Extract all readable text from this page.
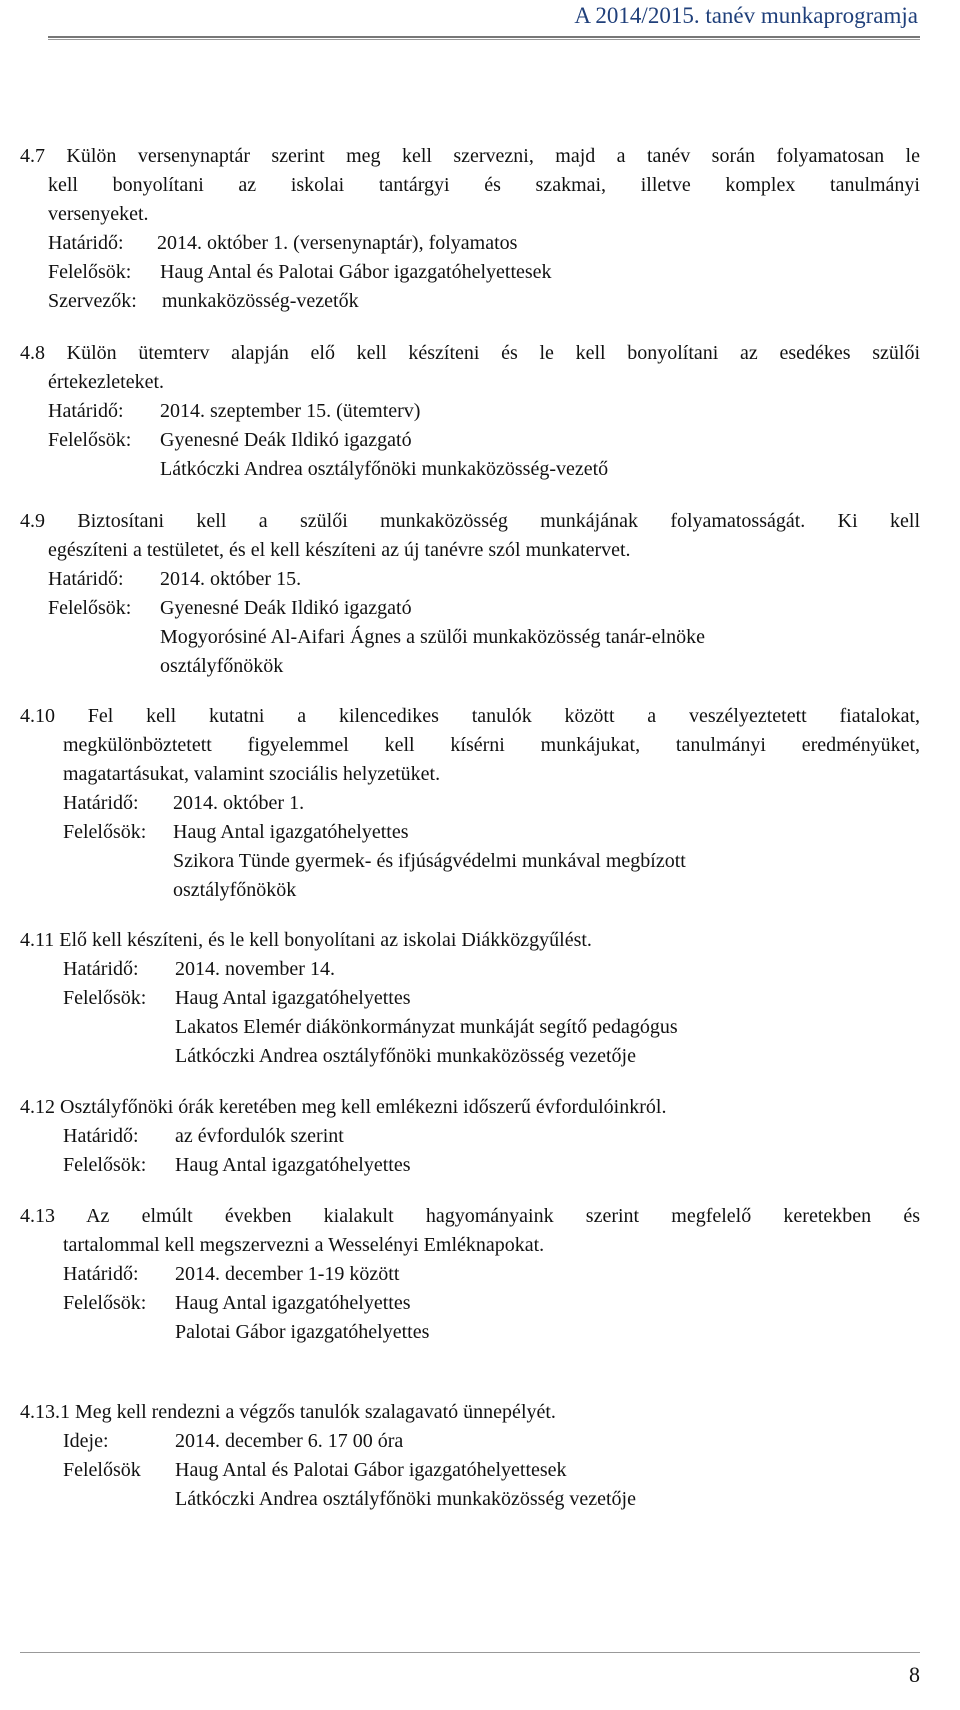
A 2014/2015. tanév munkaprogramja
4.7 Külön versenynaptár szerint meg kell szervezni, majd a tanév során folyamatosan le
kell bonyolítani az iskolai tantárgyi és szakmai, illetve komplex tanulmányi
versenyeket.
Határidő: 2014. október 1. (versenynaptár), folyamatos
Felelősök: Haug Antal és Palotai Gábor igazgatóhelyettesek
Szervezők: munkaközösség-vezetők
4.8 Külön ütemterv alapján elő kell készíteni és le kell bonyolítani az esedékes szülői
értekezleteket.
Határidő: 2014. szeptember 15. (ütemterv)
Felelősök: Gyenesné Deák Ildikó igazgató
Látkóczki Andrea osztályfőnöki munkaközösség-vezető
4.9 Biztosítani kell a szülői munkaközösség munkájának folyamatosságát. Ki kell
egészíteni a testületet, és el kell készíteni az új tanévre szól munkatervet.
Határidő: 2014. október 15.
Felelősök: Gyenesné Deák Ildikó igazgató
Mogyorósiné Al-Aifari Ágnes a szülői munkaközösség tanár-elnöke
osztályfőnökök
4.10 Fel kell kutatni a kilencedikes tanulók között a veszélyeztetett fiatalokat,
megkülönböztetett figyelemmel kell kísérni munkájukat, tanulmányi eredményüket,
magatartásukat, valamint szociális helyzetüket.
Határidő: 2014. október 1.
Felelősök: Haug Antal igazgatóhelyettes
Szikora Tünde gyermek- és ifjúságvédelmi munkával megbízott
osztályfőnökök
4.11 Elő kell készíteni, és le kell bonyolítani az iskolai Diákközgyűlést.
Határidő: 2014. november 14.
Felelősök: Haug Antal igazgatóhelyettes
Lakatos Elemér diákönkormányzat munkáját segítő pedagógus
Látkóczki Andrea osztályfőnöki munkaközösség vezetője
4.12 Osztályfőnöki órák keretében meg kell emlékezni időszerű évfordulóinkról.
Határidő: az évfordulók szerint
Felelősök: Haug Antal igazgatóhelyettes
4.13 Az elmúlt években kialakult hagyományaink szerint megfelelő keretekben és
tartalommal kell megszervezni a Wesselényi Emléknapokat.
Határidő: 2014. december 1-19 között
Felelősök: Haug Antal igazgatóhelyettes
Palotai Gábor igazgatóhelyettes
4.13.1 Meg kell rendezni a végzős tanulók szalagavató ünnepélyét.
Ideje:	2014. december 6. 17 00 óra
Felelősök Haug Antal és Palotai Gábor igazgatóhelyettesek
Látkóczki Andrea osztályfőnöki munkaközösség vezetője
8
